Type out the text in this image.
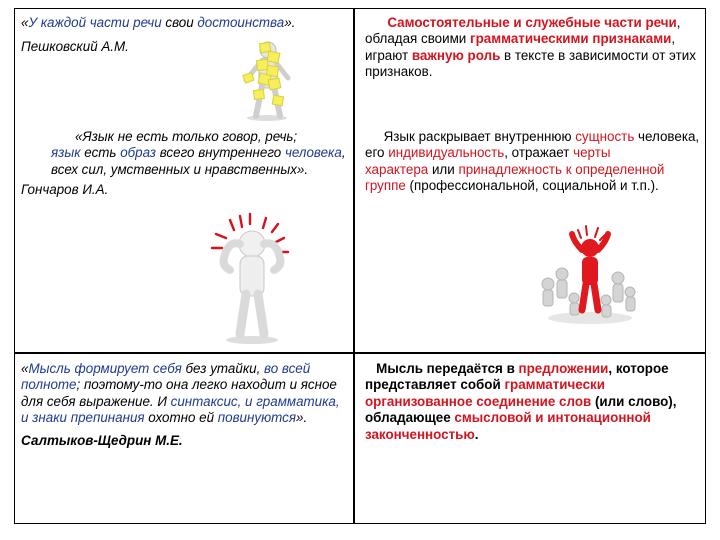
«У каждой части речи свои достоинства».

Пешковский А.М.

Самостоятельные и служебные части речи, обладая своими грамматическими признаками, играют важную роль в тексте в зависимости от этих признаков.

«Язык не есть только говор, речь; язык есть образ всего внутреннего человека, всех сил, умственных и нравственных».

Гончаров И.А.

Язык раскрывает внутреннюю сущность человека, его индивидуальность, отражает черты характера или принадлежность к определенной группе (профессиональной, социальной и т.п.).

«Мысль формирует себя без утайки, во всей полноте; поэтому-то она легко находит и ясное для себя выражение. И синтаксис, и грамматика, и знаки препинания охотно ей повинуются».

Салтыков-Щедрин М.Е.

Мысль передаётся в предложении, которое представляет собой грамматически организованное соединение слов (или слово), обладающее смысловой и интонационной законченностью.
